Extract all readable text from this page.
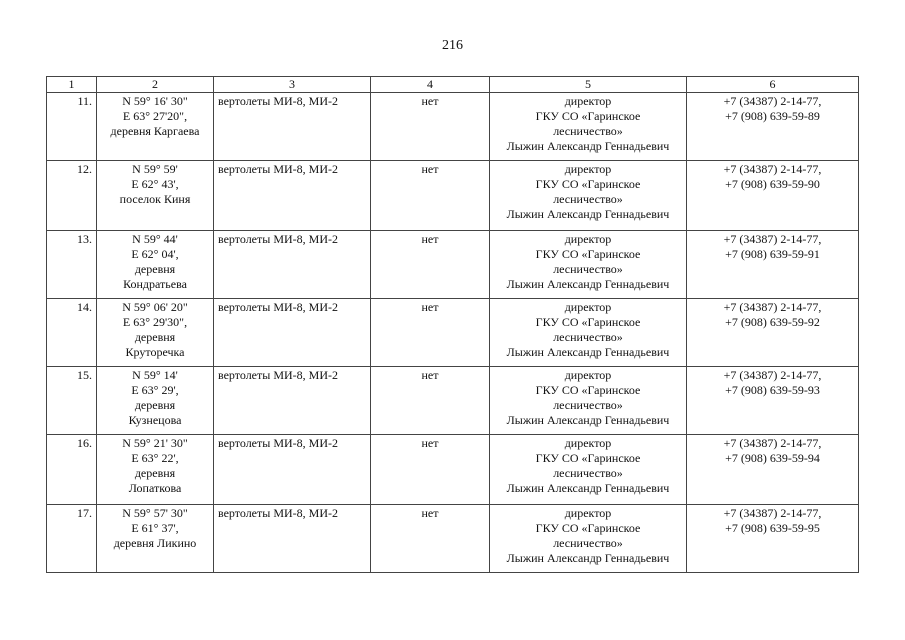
216
1	2	3	4	5	6

11.	N 59° 16' 30"
E 63° 27'20",
деревня Каргаева	вертолеты МИ-8, МИ-2	нет	директор
ГКУ СО «Гаринское
лесничество»
Лыжин Александр Геннадьевич	+7 (34387) 2-14-77,
+7 (908) 639-59-89

12.	N 59° 59'
E 62° 43',
поселок Киня	вертолеты МИ-8, МИ-2	нет	директор
ГКУ СО «Гаринское
лесничество»
Лыжин Александр Геннадьевич	+7 (34387) 2-14-77,
+7 (908) 639-59-90

13.	N 59° 44'
E 62° 04',
деревня
Кондратьева	вертолеты МИ-8, МИ-2	нет	директор
ГКУ СО «Гаринское
лесничество»
Лыжин Александр Геннадьевич	+7 (34387) 2-14-77,
+7 (908) 639-59-91

14.	N 59° 06' 20"
E 63° 29'30",
деревня
Круторечка	вертолеты МИ-8, МИ-2	нет	директор
ГКУ СО «Гаринское
лесничество»
Лыжин Александр Геннадьевич	+7 (34387) 2-14-77,
+7 (908) 639-59-92

15.	N 59° 14'
E 63° 29',
деревня
Кузнецова	вертолеты МИ-8, МИ-2	нет	директор
ГКУ СО «Гаринское
лесничество»
Лыжин Александр Геннадьевич	+7 (34387) 2-14-77,
+7 (908) 639-59-93

16.	N 59° 21' 30"
E 63° 22',
деревня
Лопаткова	вертолеты МИ-8, МИ-2	нет	директор
ГКУ СО «Гаринское
лесничество»
Лыжин Александр Геннадьевич	+7 (34387) 2-14-77,
+7 (908) 639-59-94

17.	N 59° 57' 30"
E 61° 37',
деревня Ликино	вертолеты МИ-8, МИ-2	нет	директор
ГКУ СО «Гаринское
лесничество»
Лыжин Александр Геннадьевич	+7 (34387) 2-14-77,
+7 (908) 639-59-95
